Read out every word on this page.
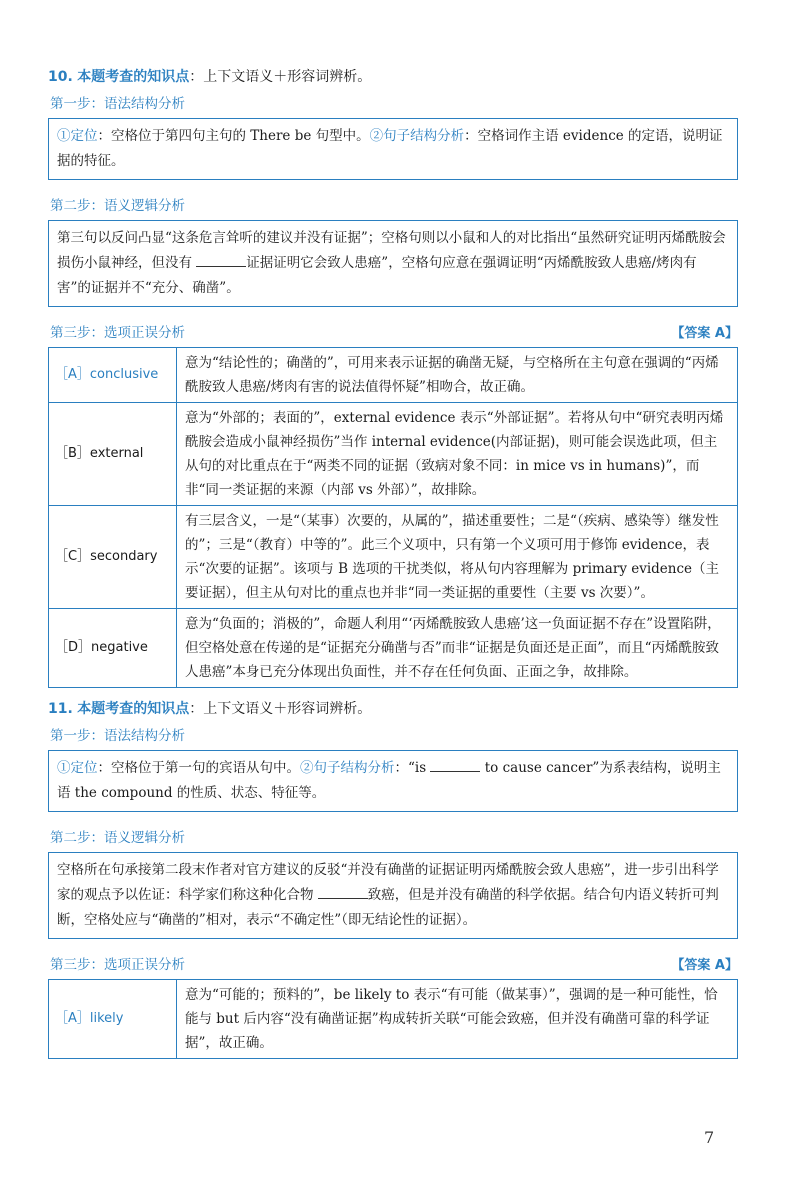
10. 本题考查的知识点：上下文语义＋形容词辨析。
第一步：语法结构分析
①定位：空格位于第四句主句的 There be 句型中。②句子结构分析：空格词作主语 evidence 的定语，说明证据的特征。
第二步：语义逻辑分析
第三句以反问凸显“这条危言耸听的建议并没有证据”；空格句则以小鼠和人的对比指出“虽然研究证明丙烯酰胺会损伤小鼠神经，但没有	证据证明它会致人患癌”，空格句应意在强调证明“丙烯酰胺致人患癌/烤肉有害”的证据并不“充分、确凿”。
第三步：选项正误分析	【答案 A】
［A］conclusive	意为“结论性的；确凿的”，可用来表示证据的确凿无疑，与空格所在主句意在强调的“丙烯酰胺致人患癌/烤肉有害的说法值得怀疑”相吻合，故正确。
［B］external	意为“外部的；表面的”，external evidence 表示“外部证据”。若将从句中“研究表明丙烯酰胺会造成小鼠神经损伤”当作 internal evidence(内部证据)，则可能会误选此项，但主从句的对比重点在于“两类不同的证据（致病对象不同：in mice vs in humans)”，而非“同一类证据的来源（内部 vs 外部）”，故排除。
［C］secondary	有三层含义，一是“（某事）次要的，从属的”，描述重要性；二是“（疾病、感染等）继发性的”；三是“（教育）中等的”。此三个义项中，只有第一个义项可用于修饰 evidence，表示“次要的证据”。该项与 B 选项的干扰类似，将从句内容理解为 primary evidence（主要证据），但主从句对比的重点也并非“同一类证据的重要性（主要 vs 次要）”。
［D］negative	意为“负面的；消极的”，命题人利用“‘丙烯酰胺致人患癌’这一负面证据不存在”设置陷阱，但空格处意在传递的是“证据充分确凿与否”而非“证据是负面还是正面”，而且“丙烯酰胺致人患癌”本身已充分体现出负面性，并不存在任何负面、正面之争，故排除。
11. 本题考查的知识点：上下文语义＋形容词辨析。
第一步：语法结构分析
①定位：空格位于第一句的宾语从句中。②句子结构分析：“is	to cause cancer”为系表结构，说明主语 the compound 的性质、状态、特征等。
第二步：语义逻辑分析
空格所在句承接第二段末作者对官方建议的反驳“并没有确凿的证据证明丙烯酰胺会致人患癌”，进一步引出科学家的观点予以佐证：科学家们称这种化合物	致癌，但是并没有确凿的科学依据。结合句内语义转折可判断，空格处应与“确凿的”相对，表示“不确定性”（即无结论性的证据）。
第三步：选项正误分析	【答案 A】
［A］likely	意为“可能的；预料的”，be likely to 表示“有可能（做某事）”，强调的是一种可能性，恰能与 but 后内容“没有确凿证据”构成转折关联“可能会致癌，但并没有确凿可靠的科学证据”，故正确。
7
